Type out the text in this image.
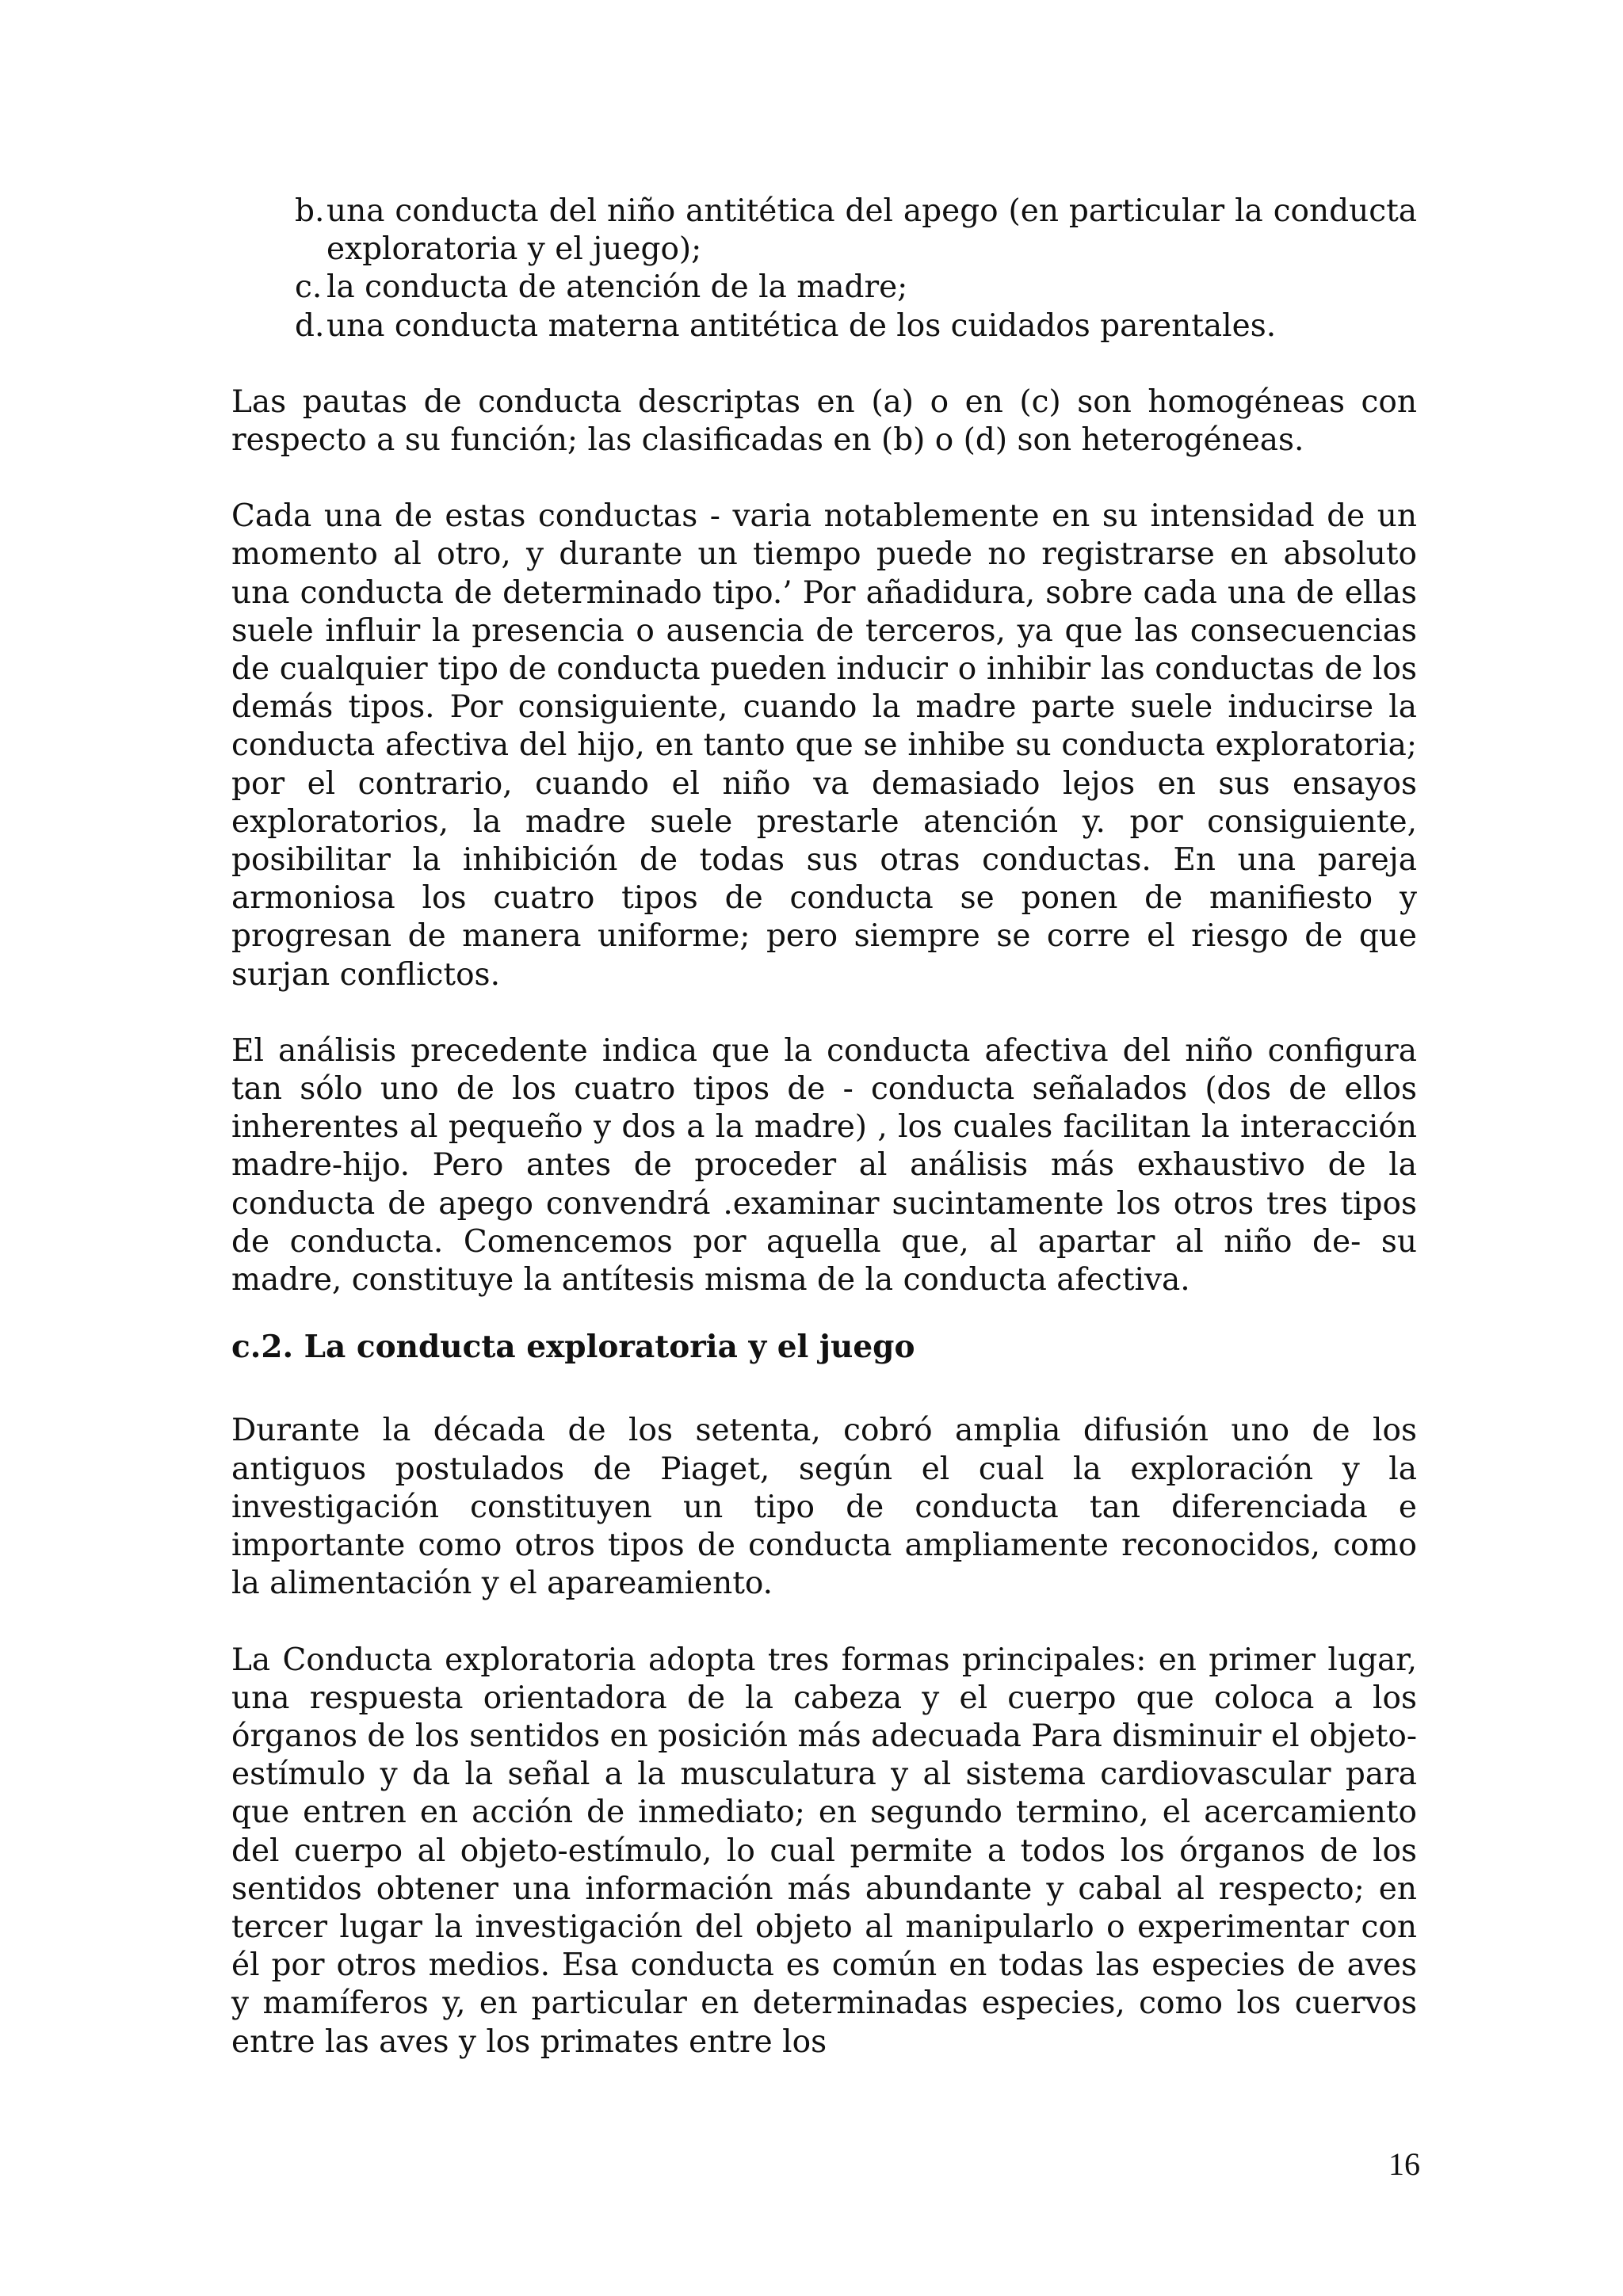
b. una conducta del niño antitética del apego (en particular la conducta exploratoria y el juego);
c. la conducta de atención de la madre;
d. una conducta materna antitética de los cuidados parentales.

Las pautas de conducta descriptas en (a) o en (c) son homogéneas con respecto a su función; las clasificadas en (b) o (d) son heterogéneas.

Cada una de estas conductas - varia notablemente en su intensidad de un momento al otro, y durante un tiempo puede no registrarse en absoluto una conducta de determinado tipo.’ Por añadidura, sobre cada una de ellas suele influir la presencia o ausencia de terceros, ya que las consecuencias de cualquier tipo de conducta pueden inducir o inhibir las conductas de los demás tipos. Por consiguiente, cuando la madre parte suele inducirse la conducta afectiva del hijo, en tanto que se inhibe su conducta exploratoria; por el contrario, cuando el niño va demasiado lejos en sus ensayos exploratorios, la madre suele prestarle atención y. por consiguiente, posibilitar la inhibición de todas sus otras conductas. En una pareja armoniosa los cuatro tipos de conducta se ponen de manifiesto y progresan de manera uniforme; pero siempre se corre el riesgo de que surjan conflictos.

El análisis precedente indica que la conducta afectiva del niño configura tan sólo uno de los cuatro tipos de - conducta señalados (dos de ellos inherentes al pequeño y dos a la madre) , los cuales facilitan la interacción madre-hijo. Pero antes de proceder al análisis más exhaustivo de la conducta de apego convendrá .examinar sucintamente los otros tres tipos de conducta. Comencemos por aquella que, al apartar al niño de- su madre, constituye la antítesis misma de la conducta afectiva.

c.2. La conducta exploratoria y el juego

Durante la década de los setenta, cobró amplia difusión uno de los antiguos postulados de Piaget, según el cual la exploración y la investigación constituyen un tipo de conducta tan diferenciada e importante como otros tipos de conducta ampliamente reconocidos, como la alimentación y el apareamiento.

La Conducta exploratoria adopta tres formas principales: en primer lugar, una respuesta orientadora de la cabeza y el cuerpo que coloca a los órganos de los sentidos en posición más adecuada Para disminuir el objeto-estímulo y da la señal a la musculatura y al sistema cardiovascular para que entren en acción de inmediato; en segundo termino, el acercamiento del cuerpo al objeto-estímulo, lo cual permite a todos los órganos de los sentidos obtener una información más abundante y cabal al respecto; en tercer lugar la investigación del objeto al manipularlo o experimentar con él por otros medios. Esa conducta es común en todas las especies de aves y mamíferos y, en particular en determinadas especies, como los cuervos entre las aves y los primates entre los

16
